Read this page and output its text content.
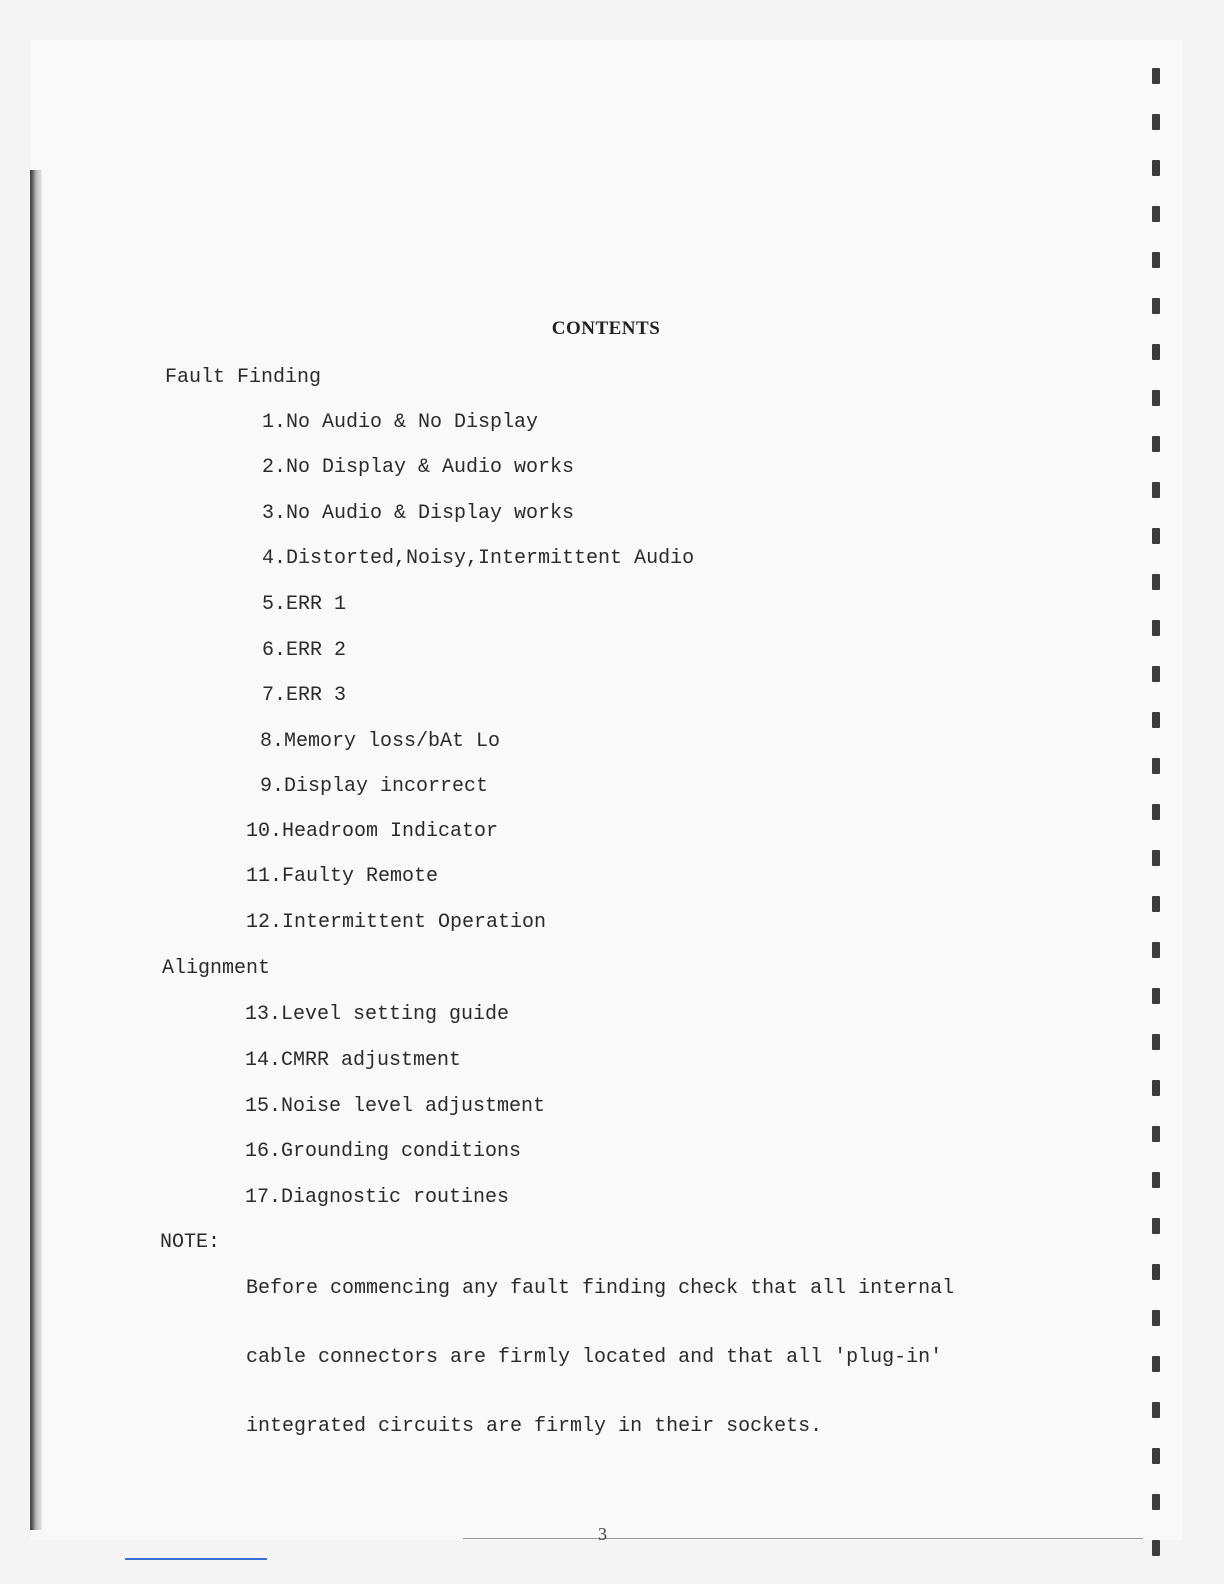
CONTENTS
Fault Finding
1.No Audio & No Display
2.No Display & Audio works
3.No Audio & Display works
4.Distorted,Noisy,Intermittent Audio
5.ERR 1
6.ERR 2
7.ERR 3
8.Memory loss/bAt Lo
9.Display incorrect
10.Headroom Indicator
11.Faulty Remote
12.Intermittent Operation
Alignment
13.Level setting guide
14.CMRR adjustment
15.Noise level adjustment
16.Grounding conditions
17.Diagnostic routines
NOTE:

Before commencing any fault finding check that all internal

cable connectors are firmly located and that all 'plug-in'

integrated circuits are firmly in their sockets.

3
